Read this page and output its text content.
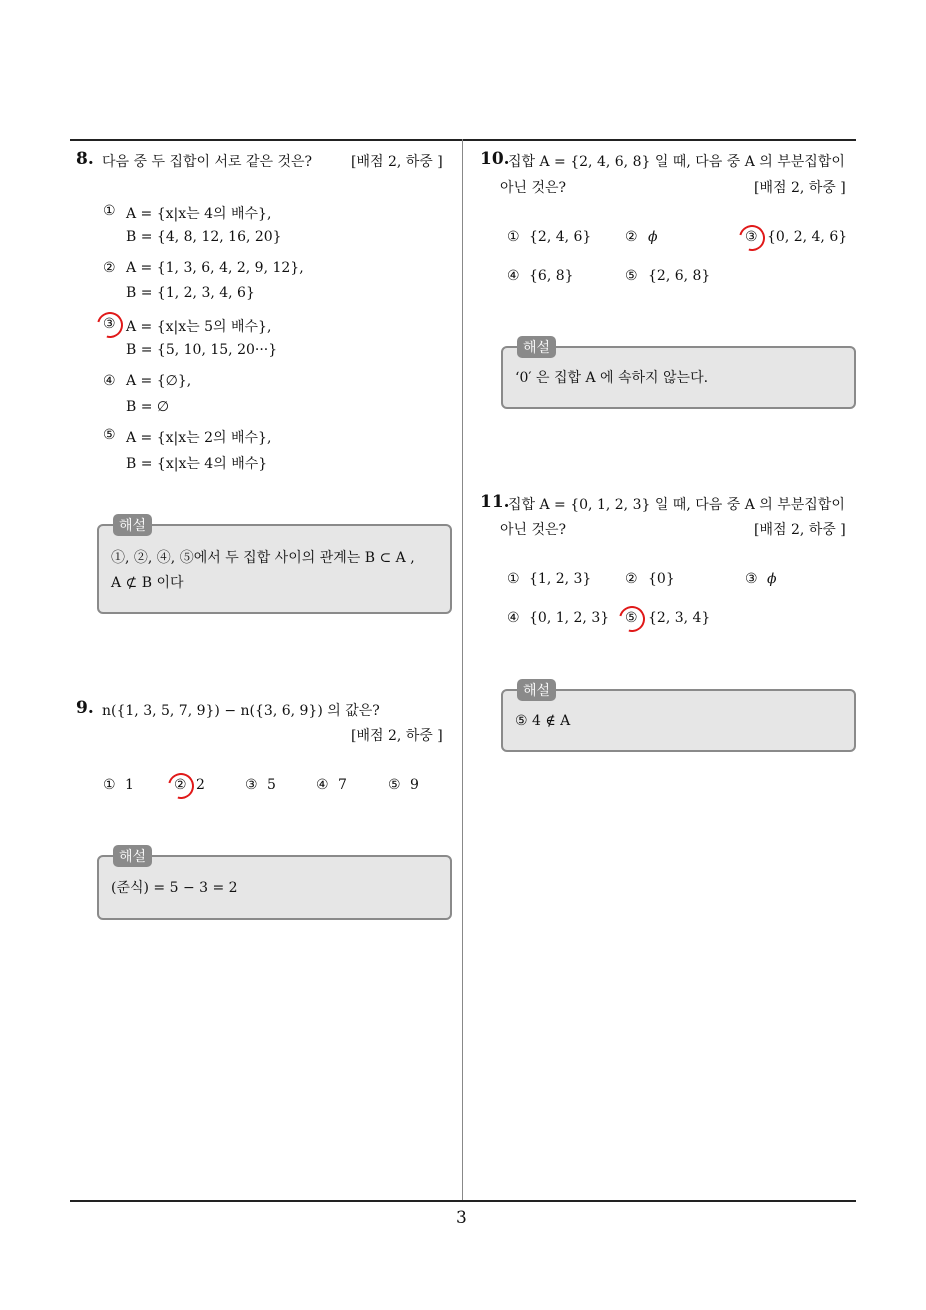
8. 다음 중 두 집합이 서로 같은 것은?	[배점 2, 하중 ]
① A = {x|x는 4의 배수},
B = {4, 8, 12, 16, 20}
② A = {1, 3, 6, 4, 2, 9, 12},
B = {1, 2, 3, 4, 6}
③ A = {x|x는 5의 배수},
B = {5, 10, 15, 20···}
④ A = {∅},
B = ∅
⑤ A = {x|x는 2의 배수},
B = {x|x는 4의 배수}
해설
①, ②, ④, ⑤에서 두 집합 사이의 관계는 B ⊂ A ,
A ⊄ B 이다
9. n({1, 3, 5, 7, 9}) − n({3, 6, 9}) 의 값은?
[배점 2, 하중 ]
① 1	② 2	③ 5	④ 7	⑤ 9
해설
(준식) = 5 − 3 = 2
10.
집합 A = {2, 4, 6, 8} 일 때, 다음 중 A 의 부분집합이
아닌 것은?	[배점 2, 하중 ]
① {2, 4, 6} ② ϕ	③ {0, 2, 4, 6}
④ {6, 8}	⑤ {2, 6, 8}
해설
‘0′ 은 집합 A 에 속하지 않는다.
11.
집합 A = {0, 1, 2, 3} 일 때, 다음 중 A 의 부분집합이
아닌 것은?	[배점 2, 하중 ]
① {1, 2, 3} ② {0}	③ ϕ
④ {0, 1, 2, 3} ⑤ {2, 3, 4}
해설
⑤ 4 ∉ A
3
